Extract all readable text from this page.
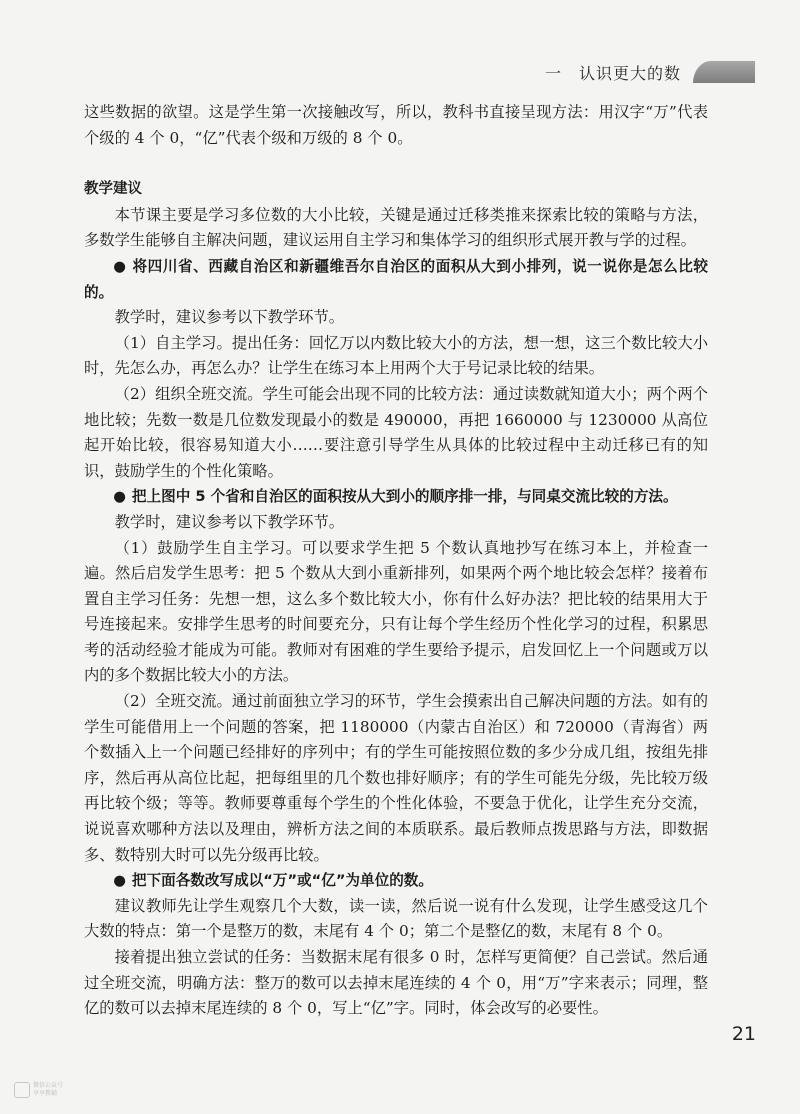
一　认识更大的数

这些数据的欲望。这是学生第一次接触改写，所以，教科书直接呈现方法：用汉字“万”代表个级的 4 个 0，“亿”代表个级和万级的 8 个 0。

教学建议

本节课主要是学习多位数的大小比较，关键是通过迁移类推来探索比较的策略与方法，多数学生能够自主解决问题，建议运用自主学习和集体学习的组织形式展开教与学的过程。

● 将四川省、西藏自治区和新疆维吾尔自治区的面积从大到小排列，说一说你是怎么比较的。

教学时，建议参考以下教学环节。

（1）自主学习。提出任务：回忆万以内数比较大小的方法，想一想，这三个数比较大小时，先怎么办，再怎么办？让学生在练习本上用两个大于号记录比较的结果。

（2）组织全班交流。学生可能会出现不同的比较方法：通过读数就知道大小；两个两个地比较；先数一数是几位数发现最小的数是 490000，再把 1660000 与 1230000 从高位起开始比较，很容易知道大小……要注意引导学生从具体的比较过程中主动迁移已有的知识，鼓励学生的个性化策略。

● 把上图中 5 个省和自治区的面积按从大到小的顺序排一排，与同桌交流比较的方法。

教学时，建议参考以下教学环节。

（1）鼓励学生自主学习。可以要求学生把 5 个数认真地抄写在练习本上，并检查一遍。然后启发学生思考：把 5 个数从大到小重新排列，如果两个两个地比较会怎样？接着布置自主学习任务：先想一想，这么多个数比较大小，你有什么好办法？把比较的结果用大于号连接起来。安排学生思考的时间要充分，只有让每个学生经历个性化学习的过程，积累思考的活动经验才能成为可能。教师对有困难的学生要给予提示，启发回忆上一个问题或万以内的多个数据比较大小的方法。

（2）全班交流。通过前面独立学习的环节，学生会摸索出自己解决问题的方法。如有的学生可能借用上一个问题的答案，把 1180000（内蒙古自治区）和 720000（青海省）两个数插入上一个问题已经排好的序列中；有的学生可能按照位数的多少分成几组，按组先排序，然后再从高位比起，把每组里的几个数也排好顺序；有的学生可能先分级，先比较万级再比较个级；等等。教师要尊重每个学生的个性化体验，不要急于优化，让学生充分交流，说说喜欢哪种方法以及理由，辨析方法之间的本质联系。最后教师点拨思路与方法，即数据多、数特别大时可以先分级再比较。

● 把下面各数改写成以“万”或“亿”为单位的数。

建议教师先让学生观察几个大数，读一读，然后说一说有什么发现，让学生感受这几个大数的特点：第一个是整万的数，末尾有 4 个 0；第二个是整亿的数，末尾有 8 个 0。

接着提出独立尝试的任务：当数据末尾有很多 0 时，怎样写更简便？自己尝试。然后通过全班交流，明确方法：整万的数可以去掉末尾连续的 4 个 0，用“万”字来表示；同理，整亿的数可以去掉末尾连续的 8 个 0，写上“亿”字。同时，体会改写的必要性。

21
微信公众号
享享教辅
